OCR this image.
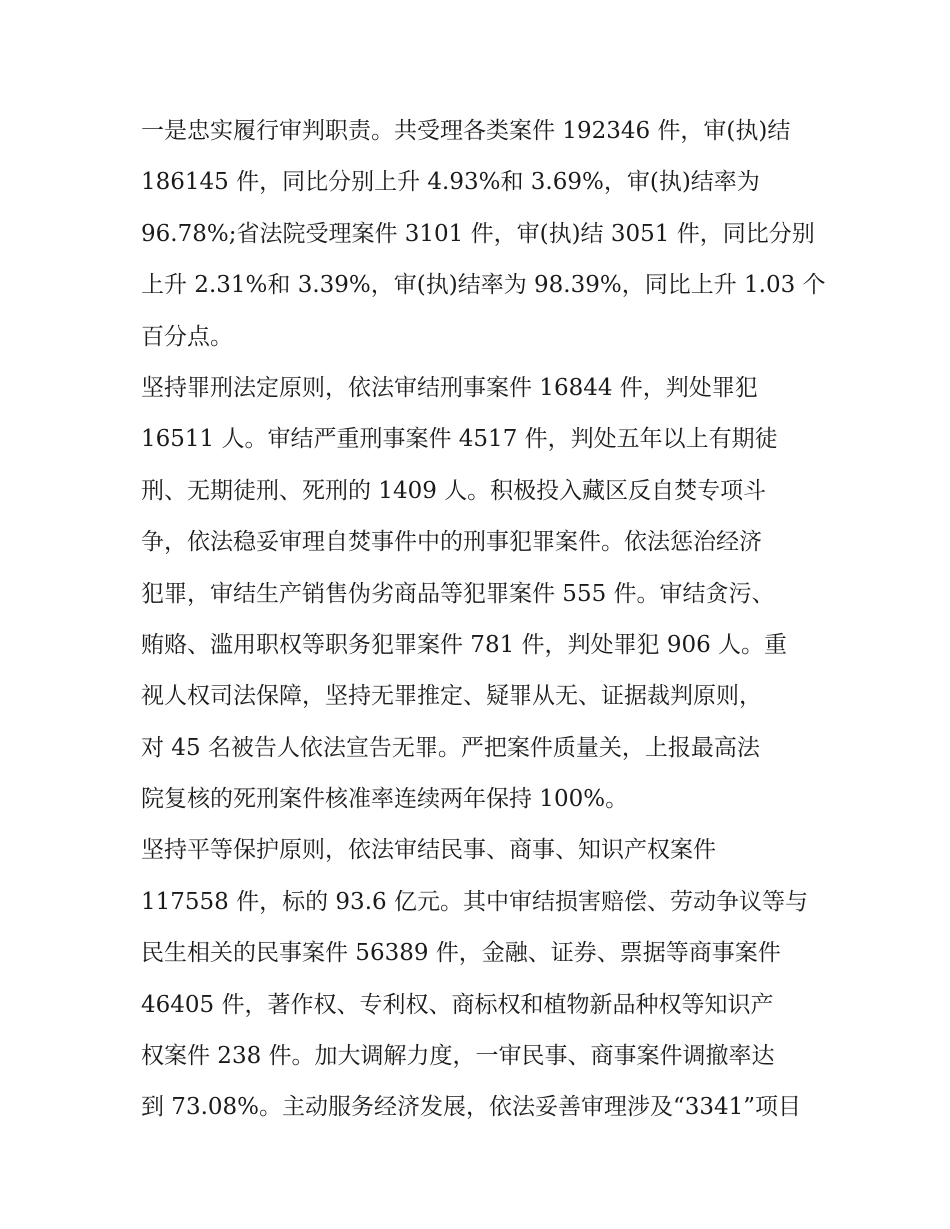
一是忠实履行审判职责。共受理各类案件 192346 件，审(执)结
186145 件，同比分别上升 4.93%和 3.69%，审(执)结率为
96.78%;省法院受理案件 3101 件，审(执)结 3051 件，同比分别
上升 2.31%和 3.39%，审(执)结率为 98.39%，同比上升 1.03 个
百分点。

坚持罪刑法定原则，依法审结刑事案件 16844 件，判处罪犯
16511 人。审结严重刑事案件 4517 件，判处五年以上有期徒
刑、无期徒刑、死刑的 1409 人。积极投入藏区反自焚专项斗
争，依法稳妥审理自焚事件中的刑事犯罪案件。依法惩治经济
犯罪，审结生产销售伪劣商品等犯罪案件 555 件。审结贪污、
贿赂、滥用职权等职务犯罪案件 781 件，判处罪犯 906 人。重
视人权司法保障，坚持无罪推定、疑罪从无、证据裁判原则，
对 45 名被告人依法宣告无罪。严把案件质量关，上报最高法
院复核的死刑案件核准率连续两年保持 100%。

坚持平等保护原则，依法审结民事、商事、知识产权案件
117558 件，标的 93.6 亿元。其中审结损害赔偿、劳动争议等与
民生相关的民事案件 56389 件，金融、证券、票据等商事案件
46405 件，著作权、专利权、商标权和植物新品种权等知识产
权案件 238 件。加大调解力度，一审民事、商事案件调撤率达
到 73.08%。主动服务经济发展，依法妥善审理涉及“3341”项目
